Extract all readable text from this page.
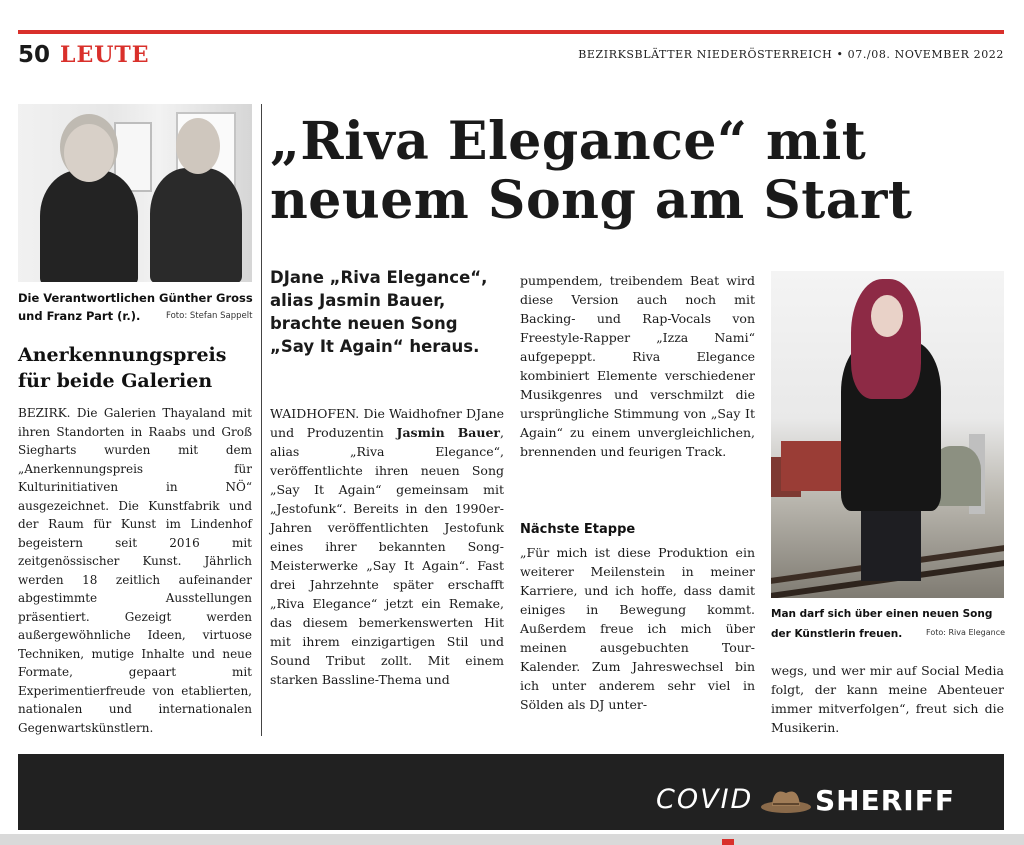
50 LEUTE	BEZIRKSBLÄTTER NIEDERÖSTERREICH • 07./08. NOVEMBER 2022
Die Verantwortlichen Günther Gross und Franz Part (r.).	Foto: Stefan Sappelt
Anerkennungspreis für beide Galerien
BEZIRK. Die Galerien Thayaland mit ihren Standorten in Raabs und Groß Siegharts wurden mit dem „Anerkennungspreis für Kulturinitiativen in NÖ“ ausgezeichnet. Die Kunstfabrik und der Raum für Kunst im Lindenhof begeistern seit 2016 mit zeitgenössischer Kunst. Jährlich werden 18 zeitlich aufeinander abgestimmte Ausstellungen präsentiert. Gezeigt werden außergewöhnliche Ideen, virtuose Techniken, mutige Inhalte und neue Formate, gepaart mit Experimentierfreude von etablierten, nationalen und internationalen Gegenwartskünstlern.
„Riva Elegance“ mit neuem Song am Start
DJane „Riva Elegance“, alias Jasmin Bauer, brachte neuen Song „Say It Again“ heraus.
WAIDHOFEN. Die Waidhofner DJane und Produzentin Jasmin Bauer, alias „Riva Elegance“, veröffentlichte ihren neuen Song „Say It Again“ gemeinsam mit „Jestofunk“. Bereits in den 1990er-Jahren veröffentlichten Jestofunk eines ihrer bekannten Song-Meisterwerke „Say It Again“. Fast drei Jahrzehnte später erschafft „Riva Elegance“ jetzt ein Remake, das diesem bemerkenswerten Hit mit ihrem einzigartigen Stil und Sound Tribut zollt. Mit einem starken Bassline-Thema und
pumpendem, treibendem Beat wird diese Version auch noch mit Backing- und Rap-Vocals von Freestyle-Rapper „Izza Nami“ aufgepeppt. Riva Elegance kombiniert Elemente verschiedener Musikgenres und verschmilzt die ursprüngliche Stimmung von „Say It Again“ zu einem unvergleichlichen, brennenden und feurigen Track.
Nächste Etappe
„Für mich ist diese Produktion ein weiterer Meilenstein in meiner Karriere, und ich hoffe, dass damit einiges in Bewegung kommt. Außerdem freue ich mich über meinen ausgebuchten Tour-Kalender. Zum Jahreswechsel bin ich unter anderem sehr viel in Sölden als DJ unter-
Man darf sich über einen neuen Song der Künstlerin freuen.	Foto: Riva Elegance
wegs, und wer mir auf Social Media folgt, der kann meine Abenteuer immer mitverfolgen“, freut sich die Musikerin.
COVID SHERIFF
